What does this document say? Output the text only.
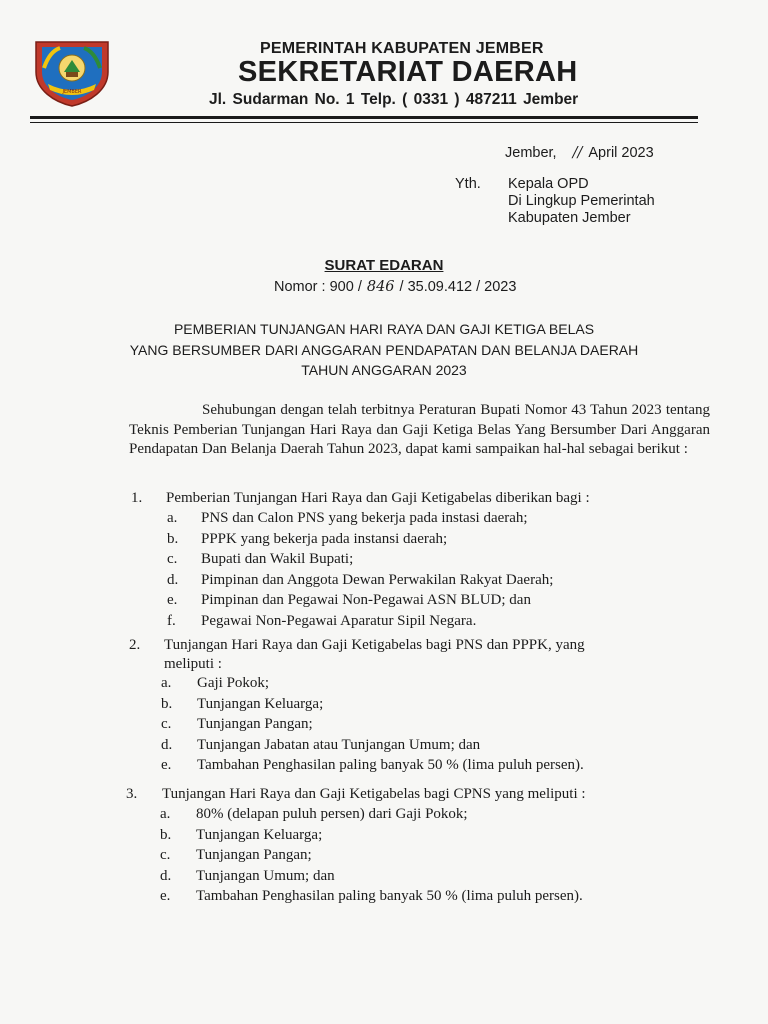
JEMBER
PEMERINTAH KABUPATEN JEMBER
SEKRETARIAT DAERAH
Jl. Sudarman No. 1 Telp. ( 0331 ) 487211 Jember
Jember, // April 2023
Yth. Kepala OPD
Di Lingkup Pemerintah
Kabupaten Jember
SURAT EDARAN
Nomor : 900 / 846 / 35.09.412 / 2023
PEMBERIAN TUNJANGAN HARI RAYA DAN GAJI KETIGA BELAS
YANG BERSUMBER DARI ANGGARAN PENDAPATAN DAN BELANJA DAERAH
TAHUN ANGGARAN 2023
Sehubungan dengan telah terbitnya Peraturan Bupati Nomor 43 Tahun 2023 tentang Teknis Pemberian Tunjangan Hari Raya dan Gaji Ketiga Belas Yang Bersumber Dari Anggaran Pendapatan Dan Belanja Daerah Tahun 2023, dapat kami sampaikan hal-hal sebagai berikut :
1. Pemberian Tunjangan Hari Raya dan Gaji Ketigabelas diberikan bagi :
a. PNS dan Calon PNS yang bekerja pada instasi daerah;
b. PPPK yang bekerja pada instansi daerah;
c. Bupati dan Wakil Bupati;
d. Pimpinan dan Anggota Dewan Perwakilan Rakyat Daerah;
e. Pimpinan dan Pegawai Non-Pegawai ASN BLUD; dan
f. Pegawai Non-Pegawai Aparatur Sipil Negara.
2. Tunjangan Hari Raya dan Gaji Ketigabelas bagi PNS dan PPPK, yang
meliputi :
a. Gaji Pokok;
b. Tunjangan Keluarga;
c. Tunjangan Pangan;
d. Tunjangan Jabatan atau Tunjangan Umum; dan
e. Tambahan Penghasilan paling banyak 50 % (lima puluh persen).
3. Tunjangan Hari Raya dan Gaji Ketigabelas bagi CPNS yang meliputi :
a. 80% (delapan puluh persen) dari Gaji Pokok;
b. Tunjangan Keluarga;
c. Tunjangan Pangan;
d. Tunjangan Umum; dan
e. Tambahan Penghasilan paling banyak 50 % (lima puluh persen).
